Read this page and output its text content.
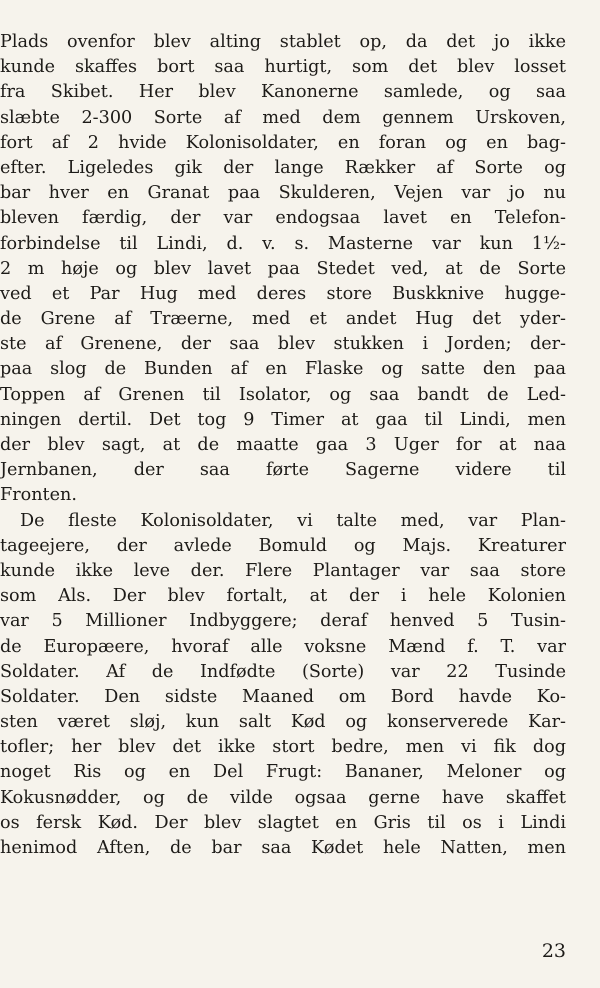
Plads ovenfor blev alting stablet op, da det jo ikke
kunde skaffes bort saa hurtigt, som det blev losset
fra Skibet. Her blev Kanonerne samlede, og saa
slæbte 2-300 Sorte af med dem gennem Urskoven,
fort af 2 hvide Kolonisoldater, en foran og en bag-
efter. Ligeledes gik der lange Rækker af Sorte og
bar hver en Granat paa Skulderen, Vejen var jo nu
bleven færdig, der var endogsaa lavet en Telefon-
forbindelse til Lindi, d. v. s. Masterne var kun 1½-
2 m høje og blev lavet paa Stedet ved, at de Sorte
ved et Par Hug med deres store Buskknive hugge-
de Grene af Træerne, med et andet Hug det yder-
ste af Grenene, der saa blev stukken i Jorden; der-
paa slog de Bunden af en Flaske og satte den paa
Toppen af Grenen til Isolator, og saa bandt de Led-
ningen dertil. Det tog 9 Timer at gaa til Lindi, men
der blev sagt, at de maatte gaa 3 Uger for at naa
Jernbanen, der saa førte Sagerne videre til
Fronten.
De fleste Kolonisoldater, vi talte med, var Plan-
tageejere, der avlede Bomuld og Majs. Kreaturer
kunde ikke leve der. Flere Plantager var saa store
som Als. Der blev fortalt, at der i hele Kolonien
var 5 Millioner Indbyggere; deraf henved 5 Tusin-
de Europæere, hvoraf alle voksne Mænd f. T. var
Soldater. Af de Indfødte (Sorte) var 22 Tusinde
Soldater. Den sidste Maaned om Bord havde Ko-
sten været sløj, kun salt Kød og konserverede Kar-
tofler; her blev det ikke stort bedre, men vi fik dog
noget Ris og en Del Frugt: Bananer, Meloner og
Kokusnødder, og de vilde ogsaa gerne have skaffet
os fersk Kød. Der blev slagtet en Gris til os i Lindi
henimod Aften, de bar saa Kødet hele Natten, men
23
